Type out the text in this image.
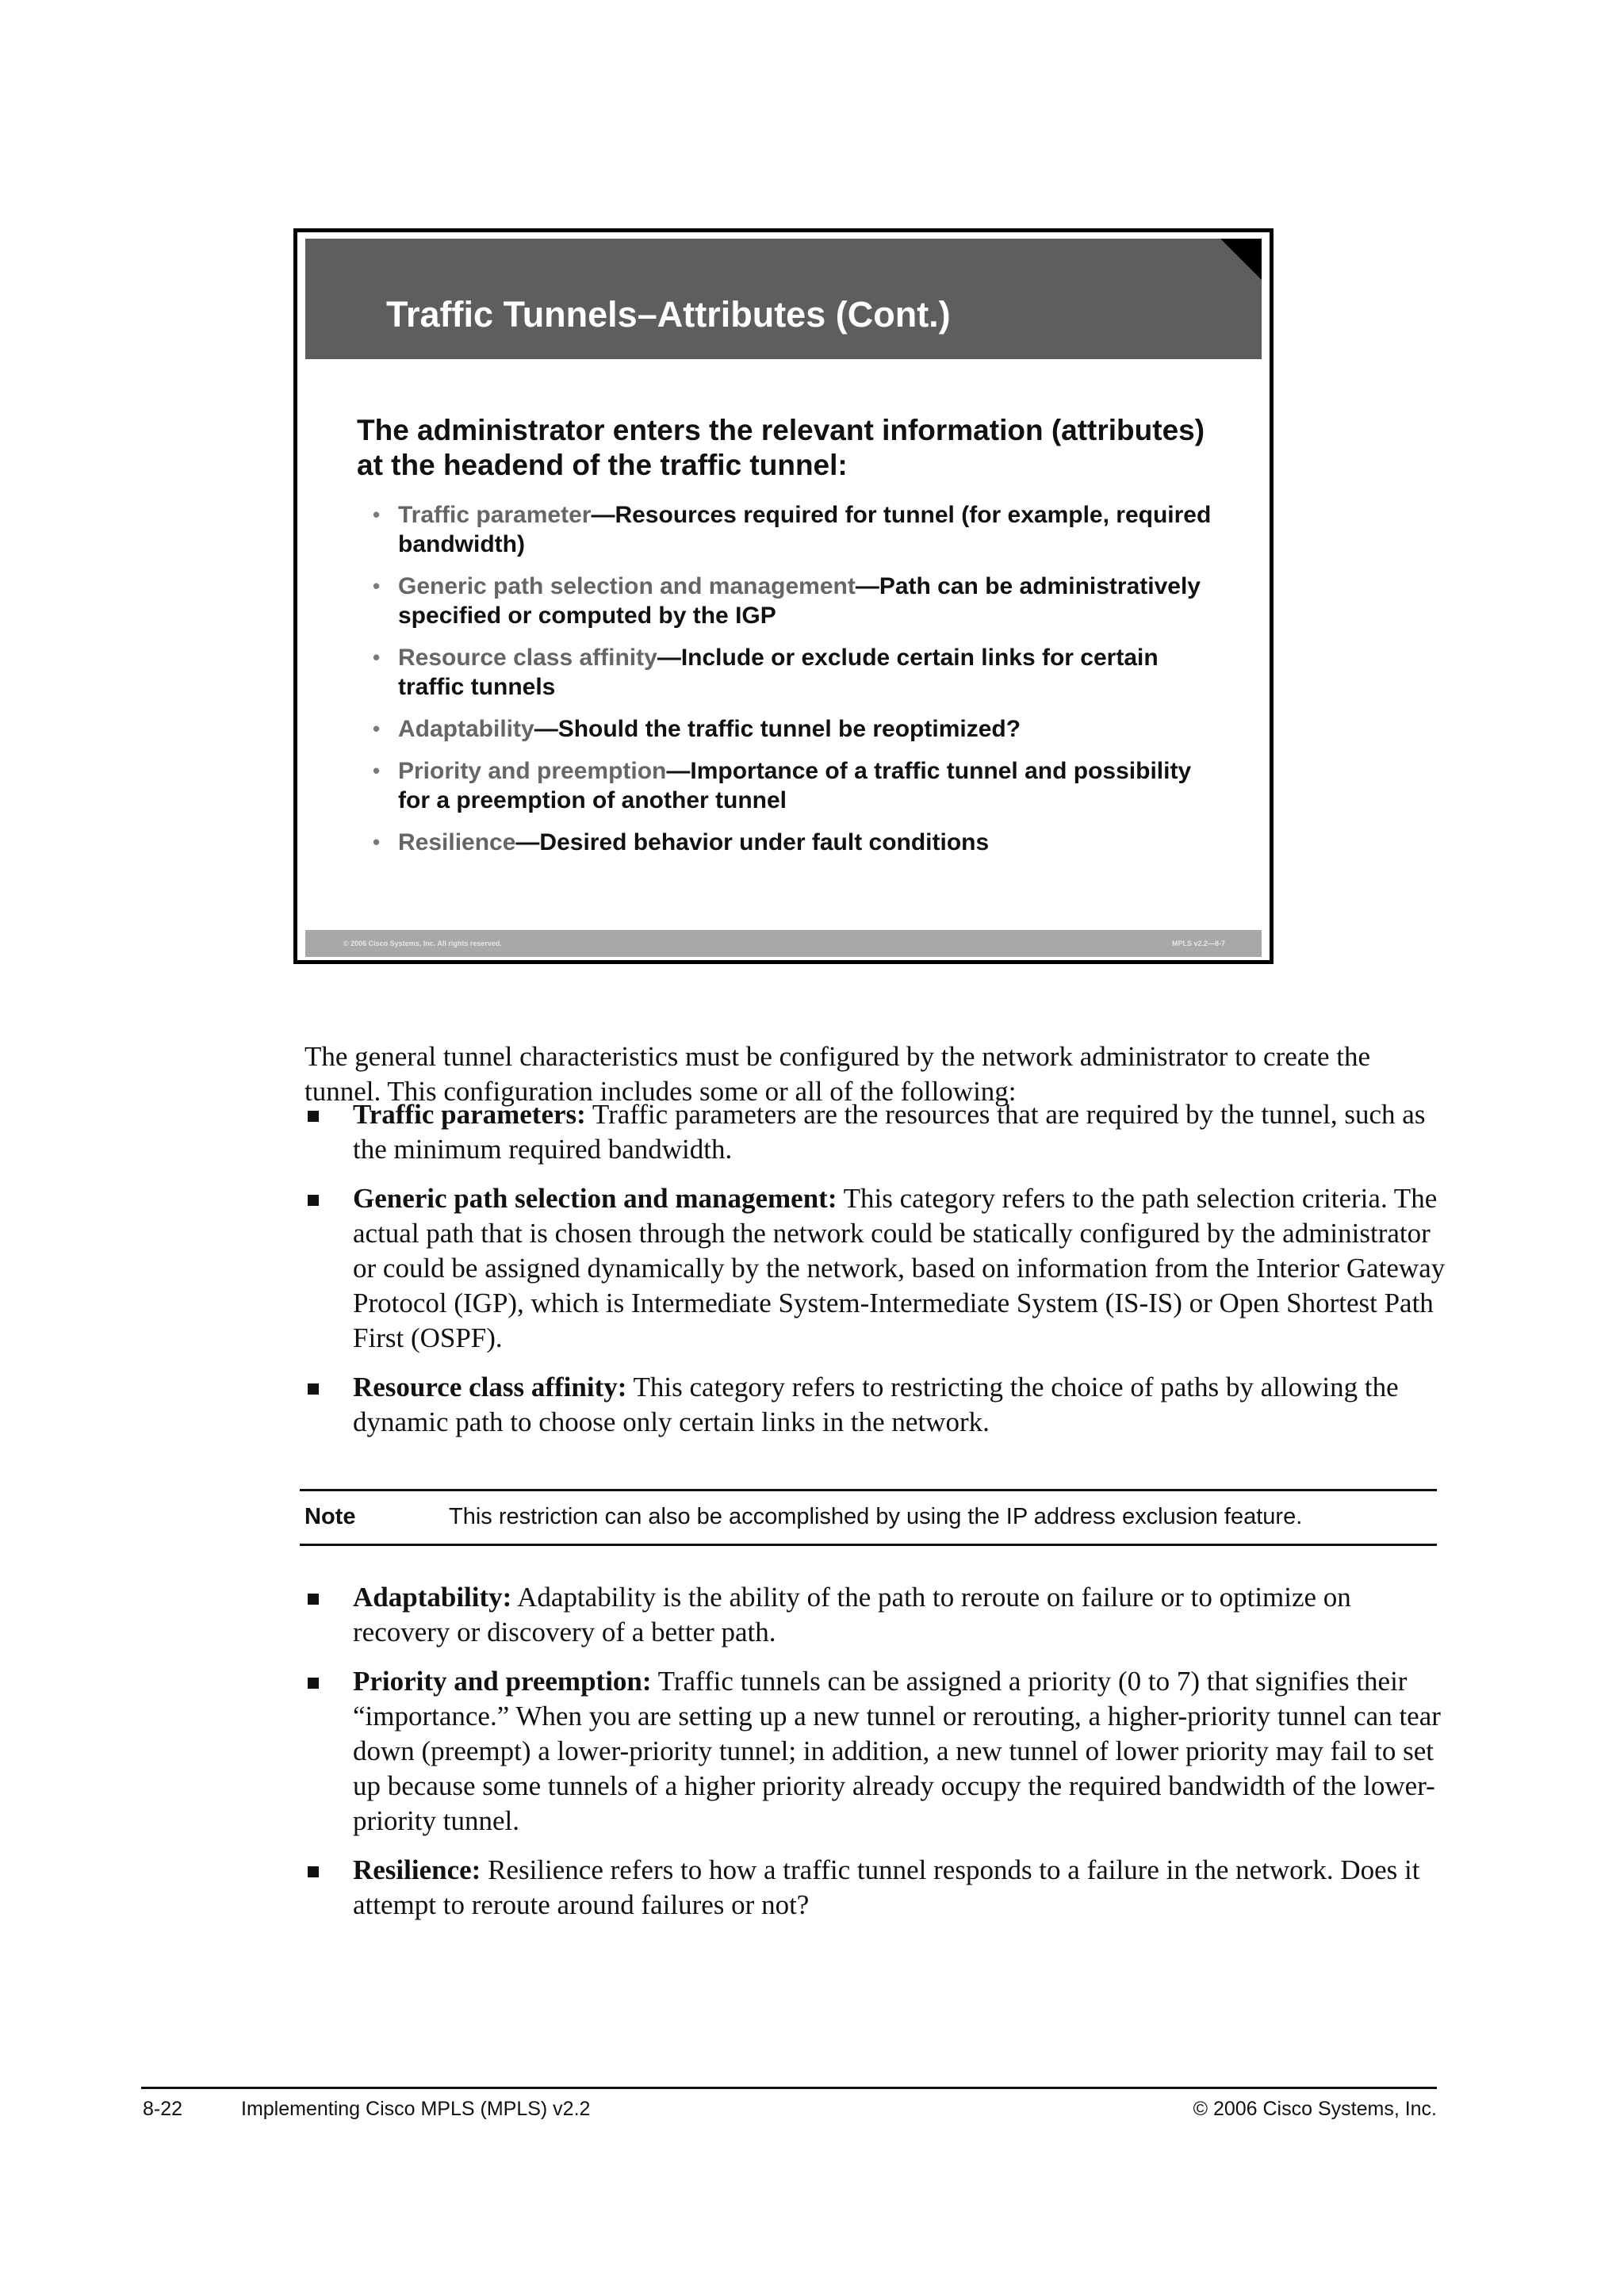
Traffic Tunnels–Attributes (Cont.)
The administrator enters the relevant information (attributes) at the headend of the traffic tunnel:
• Traffic parameter—Resources required for tunnel (for example, required bandwidth)
• Generic path selection and management—Path can be administratively specified or computed by the IGP
• Resource class affinity—Include or exclude certain links for certain traffic tunnels
• Adaptability—Should the traffic tunnel be reoptimized?
• Priority and preemption—Importance of a traffic tunnel and possibility for a preemption of another tunnel
• Resilience—Desired behavior under fault conditions
© 2006 Cisco Systems, Inc. All rights reserved.	MPLS v2.2—8-7

The general tunnel characteristics must be configured by the network administrator to create the tunnel. This configuration includes some or all of the following:

Traffic parameters: Traffic parameters are the resources that are required by the tunnel, such as the minimum required bandwidth.
Generic path selection and management: This category refers to the path selection criteria. The actual path that is chosen through the network could be statically configured by the administrator or could be assigned dynamically by the network, based on information from the Interior Gateway Protocol (IGP), which is Intermediate System-Intermediate System (IS-IS) or Open Shortest Path First (OSPF).
Resource class affinity: This category refers to restricting the choice of paths by allowing the dynamic path to choose only certain links in the network.
Note	This restriction can also be accomplished by using the IP address exclusion feature.
Adaptability: Adaptability is the ability of the path to reroute on failure or to optimize on recovery or discovery of a better path.
Priority and preemption: Traffic tunnels can be assigned a priority (0 to 7) that signifies their “importance.” When you are setting up a new tunnel or rerouting, a higher-priority tunnel can tear down (preempt) a lower-priority tunnel; in addition, a new tunnel of lower priority may fail to set up because some tunnels of a higher priority already occupy the required bandwidth of the lower-priority tunnel.
Resilience: Resilience refers to how a traffic tunnel responds to a failure in the network. Does it attempt to reroute around failures or not?
8-22	Implementing Cisco MPLS (MPLS) v2.2	© 2006 Cisco Systems, Inc.
